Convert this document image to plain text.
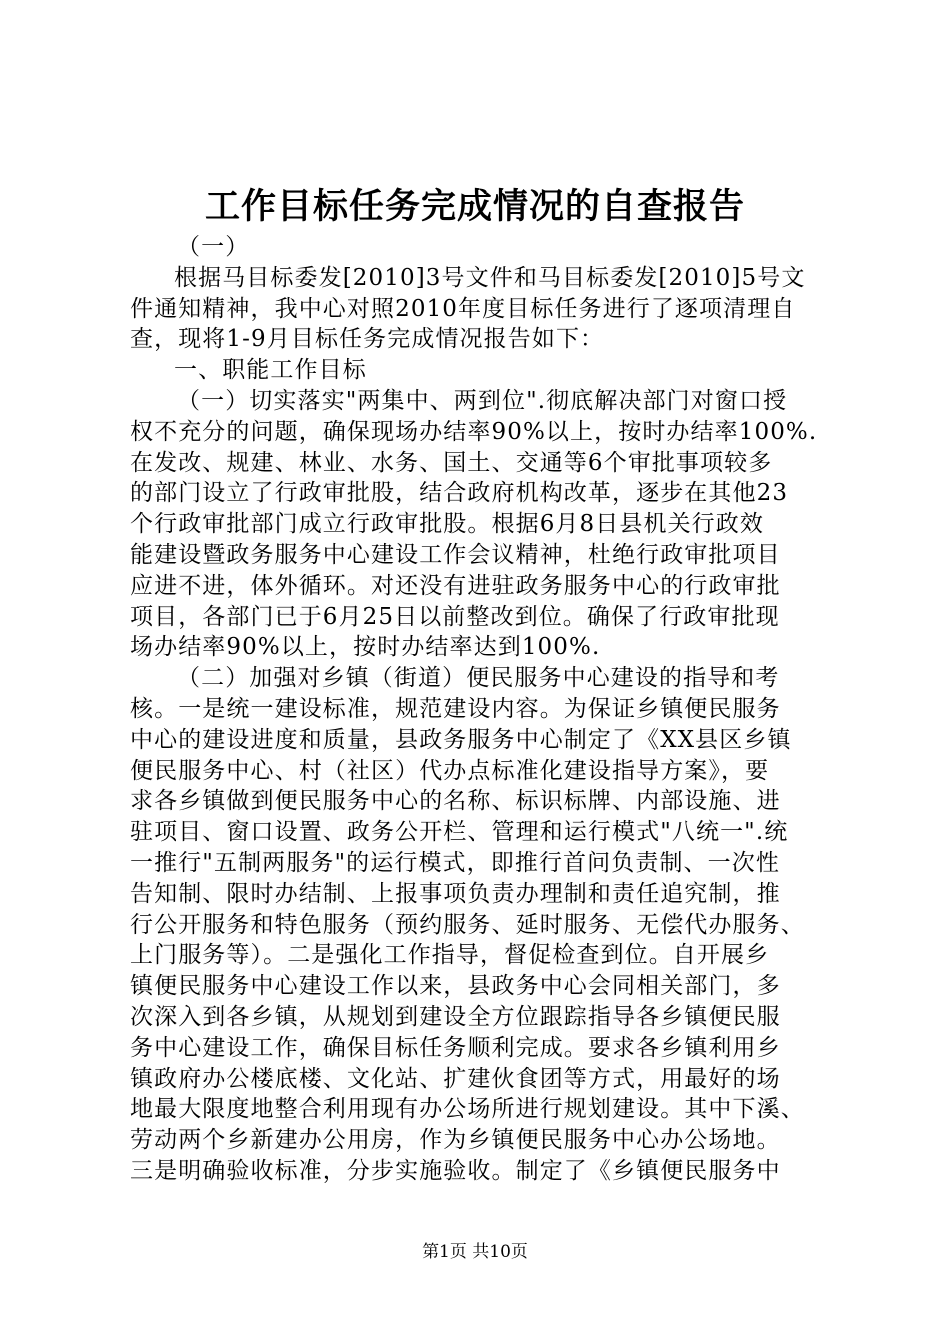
工作目标任务完成情况的自查报告
（一）
根据马目标委发[2010]3号文件和马目标委发[2010]5号文
件通知精神，我中心对照2010年度目标任务进行了逐项清理自
查，现将1-9月目标任务完成情况报告如下：
一、职能工作目标
（一）切实落实"两集中、两到位".彻底解决部门对窗口授
权不充分的问题，确保现场办结率90%以上，按时办结率100%.
在发改、规建、林业、水务、国土、交通等6个审批事项较多
的部门设立了行政审批股，结合政府机构改革，逐步在其他23
个行政审批部门成立行政审批股。根据6月8日县机关行政效
能建设暨政务服务中心建设工作会议精神，杜绝行政审批项目
应进不进，体外循环。对还没有进驻政务服务中心的行政审批
项目，各部门已于6月25日以前整改到位。确保了行政审批现
场办结率90%以上，按时办结率达到100%.
（二）加强对乡镇（街道）便民服务中心建设的指导和考
核。一是统一建设标准，规范建设内容。为保证乡镇便民服务
中心的建设进度和质量，县政务服务中心制定了《XX县区乡镇
便民服务中心、村（社区）代办点标准化建设指导方案》，要
求各乡镇做到便民服务中心的名称、标识标牌、内部设施、进
驻项目、窗口设置、政务公开栏、管理和运行模式"八统一".统
一推行"五制两服务"的运行模式，即推行首问负责制、一次性
告知制、限时办结制、上报事项负责办理制和责任追究制，推
行公开服务和特色服务（预约服务、延时服务、无偿代办服务、
上门服务等）。二是强化工作指导，督促检查到位。自开展乡
镇便民服务中心建设工作以来，县政务中心会同相关部门，多
次深入到各乡镇，从规划到建设全方位跟踪指导各乡镇便民服
务中心建设工作，确保目标任务顺利完成。要求各乡镇利用乡
镇政府办公楼底楼、文化站、扩建伙食团等方式，用最好的场
地最大限度地整合利用现有办公场所进行规划建设。其中下溪、
劳动两个乡新建办公用房，作为乡镇便民服务中心办公场地。
三是明确验收标准，分步实施验收。制定了《乡镇便民服务中
第1页 共10页
